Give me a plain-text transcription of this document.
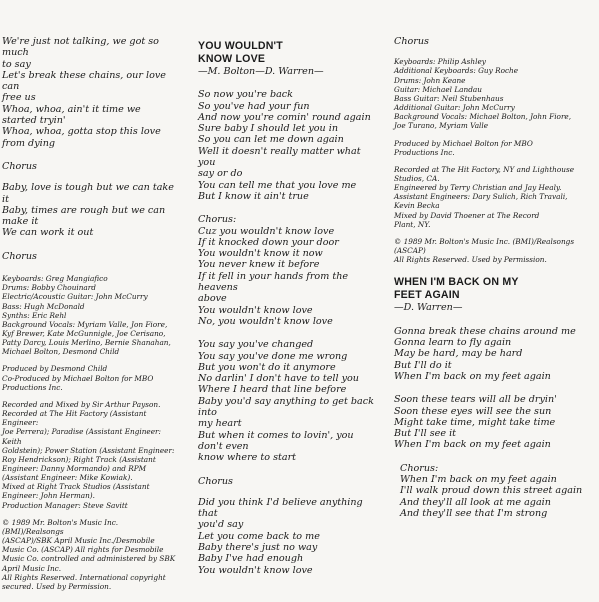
We're just not talking, we got so much

to say

Let's break these chains, our love can

free us

Whoa, whoa, ain't it time we

started tryin'

Whoa, whoa, gotta stop this love

from dying

Chorus

Baby, love is tough but we can take it

Baby, times are rough but we can make it

We can work it out

Chorus

Keyboards: Greg Mangiafico

Drums: Bobby Chouinard

Electric/Acoustic Guitar: John McCurry

Bass: Hugh McDonald

Synths: Eric Rehl

Background Vocals: Myriam Valle, Jon Fiore,

Kyf Brewer, Kate McGunnigle, Joe Cerisano,

Patty Darcy, Louis Merlino, Bernie Shanahan,

Michael Bolton, Desmond Child

Produced by Desmond Child

Co-Produced by Michael Bolton for MBO

Productions Inc.

Recorded and Mixed by Sir Arthur Payson.

Recorded at The Hit Factory (Assistant Engineer:

Joe Perrera); Paradise (Assistant Engineer: Keith

Goldstein); Power Station (Assistant Engineer:

Roy Hendrickson); Right Track (Assistant

Engineer: Danny Mormando) and RPM

(Assistant Engineer: Mike Kowiak).

Mixed at Right Track Studios (Assistant

Engineer: John Herman).

Production Manager: Steve Savitt

© 1989 Mr. Bolton's Music Inc. (BMI)/Realsongs

(ASCAP)/SBK April Music Inc./Desmobile

Music Co. (ASCAP) All rights for Desmobile

Music Co. controlled and administered by SBK

April Music Inc.

All Rights Reserved. International copyright

secured. Used by Permission.

YOU WOULDN'T
KNOW LOVE

—M. Bolton—D. Warren—

So now you're back

So you've had your fun

And now you're comin' round again

Sure baby I should let you in

So you can let me down again

Well it doesn't really matter what you

say or do

You can tell me that you love me

But I know it ain't true

Chorus:

Cuz you wouldn't know love

If it knocked down your door

You wouldn't know it now

You never knew it before

If it fell in your hands from the heavens

above

You wouldn't know love

No, you wouldn't know love

You say you've changed

You say you've done me wrong

But you won't do it anymore

No darlin' I don't have to tell you

Where I heard that line before

Baby you'd say anything to get back into

my heart

But when it comes to lovin', you don't even

know where to start

Chorus

Did you think I'd believe anything that

you'd say

Let you come back to me

Baby there's just no way

Baby I've had enough

You wouldn't know love

Chorus

Keyboards: Philip Ashley

Additional Keyboards: Guy Roche

Drums: John Keane

Guitar: Michael Landau

Bass Guitar: Neil Stubenhaus

Additional Guitar: John McCurry

Background Vocals: Michael Bolton, John Fiore,

Joe Turano, Myriam Valle

Produced by Michael Bolton for MBO

Productions Inc.

Recorded at The Hit Factory, NY and Lighthouse

Studios, CA.

Engineered by Terry Christian and Jay Healy.

Assistant Engineers: Dary Sulich, Rich Travali,

Kevin Becka

Mixed by David Thoener at The Record

Plant, NY.

© 1989 Mr. Bolton's Music Inc. (BMI)/Realsongs

(ASCAP)

All Rights Reserved. Used by Permission.

WHEN I'M BACK ON MY
FEET AGAIN

—D. Warren—

Gonna break these chains around me

Gonna learn to fly again

May be hard, may be hard

But I'll do it

When I'm back on my feet again

Soon these tears will all be dryin'

Soon these eyes will see the sun

Might take time, might take time

But I'll see it

When I'm back on my feet again

Chorus:

When I'm back on my feet again

I'll walk proud down this street again

And they'll all look at me again

And they'll see that I'm strong
